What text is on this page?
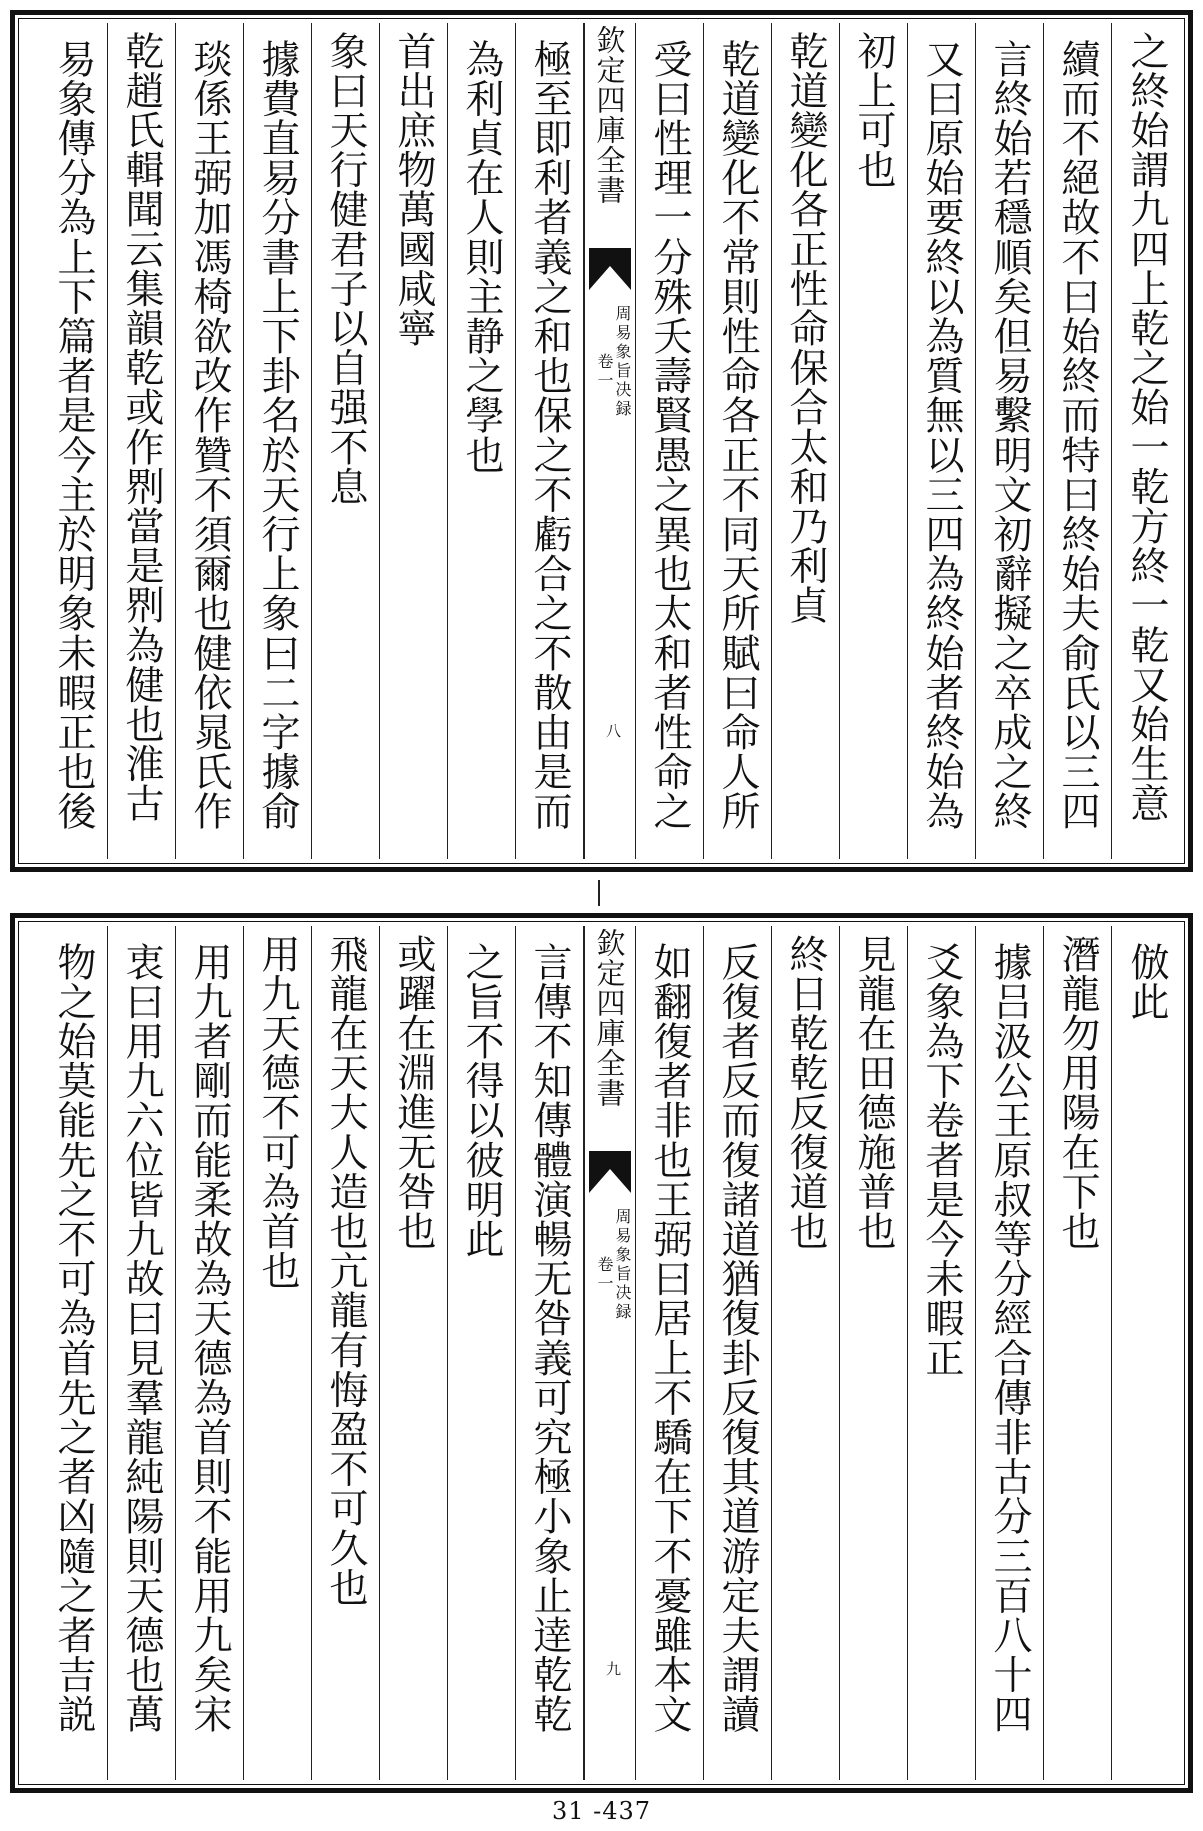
之終始謂九四上乾之始一乾方終一乾又始生意
續而不絕故不曰始終而特曰終始夫俞氏以三四
言終始若穩順矣但易繫明文初辭擬之卒成之終
又曰原始要終以為質無以三四為終始者終始為
初上可也
乾道變化各正性命保合太和乃利貞
乾道變化不常則性命各正不同天所賦曰命人所
受曰性理一分殊夭壽賢愚之異也太和者性命之
欽定四庫全書
周易象旨决録
卷一
八
極至即利者義之和也保之不虧合之不散由是而
為利貞在人則主静之學也
首出庶物萬國咸寧
象曰天行健君子以自强不息
據費直易分書上下卦名於天行上象曰二字據俞
琰係王弼加馮椅欲改作贊不須爾也健依晁氏作
乾趙氏輯聞云集韻乾或作𠝹當是𠝹為健也淮古
易象傳分為上下篇者是今主於明象未暇正也後
倣此
潛龍勿用陽在下也
據吕汲公王原叔等分經合傳非古分三百八十四
爻象為下卷者是今未暇正
見龍在田德施普也
終日乾乾反復道也
反復者反而復諸道猶復卦反復其道游定夫謂讀
如翻復者非也王弼曰居上不驕在下不憂雖本文
欽定四庫全書
周易象旨决録
卷一
九
言傳不知傳體演暢无咎義可究極小象止逹乾乾
之旨不得以彼明此
或躍在淵進无咎也
飛龍在天大人造也亢龍有悔盈不可久也
用九天德不可為首也
用九者剛而能柔故為天德為首則不能用九矣宋
衷曰用九六位皆九故曰見羣龍純陽則天德也萬
物之始莫能先之不可為首先之者凶隨之者吉説
31 -437
